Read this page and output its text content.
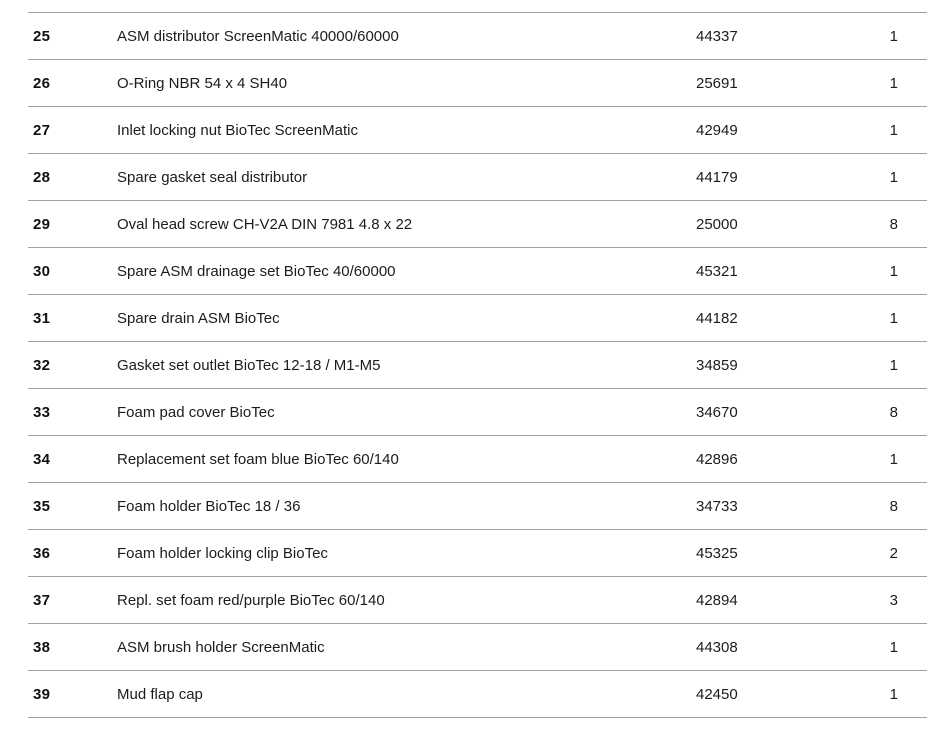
25	ASM distributor ScreenMatic 40000/60000	44337	1
26	O-Ring NBR 54 x 4 SH40	25691	1
27	Inlet locking nut BioTec ScreenMatic	42949	1
28	Spare gasket seal distributor	44179	1
29	Oval head screw CH-V2A DIN 7981 4.8 x 22	25000	8
30	Spare ASM drainage set BioTec 40/60000	45321	1
31	Spare drain ASM BioTec	44182	1
32	Gasket set outlet BioTec 12-18 / M1-M5	34859	1
33	Foam pad cover BioTec	34670	8
34	Replacement set foam blue BioTec 60/140	42896	1
35	Foam holder BioTec 18 / 36	34733	8
36	Foam holder locking clip BioTec	45325	2
37	Repl. set foam red/purple BioTec 60/140	42894	3
38	ASM brush holder ScreenMatic	44308	1
39	Mud flap cap	42450	1
